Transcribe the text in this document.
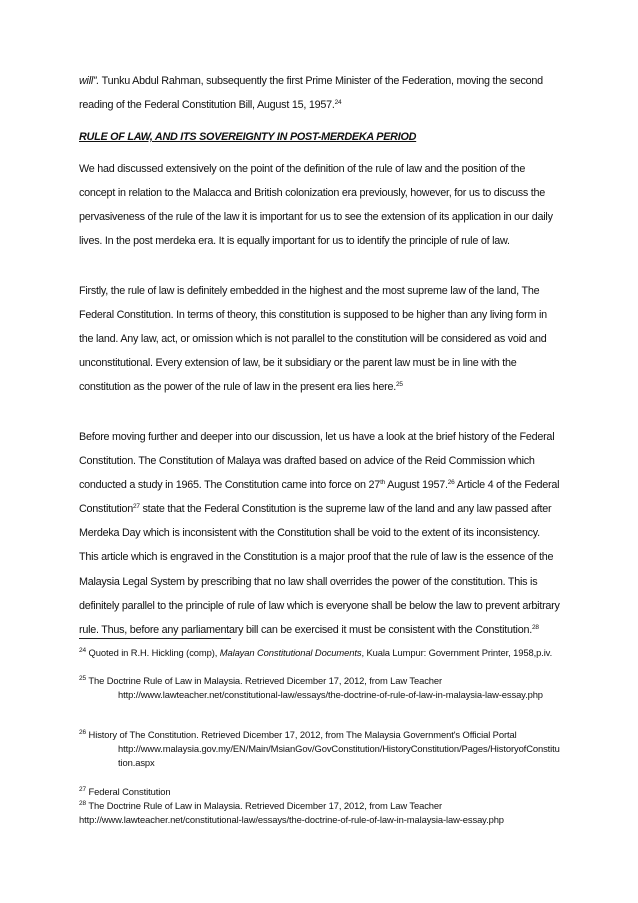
will”. Tunku Abdul Rahman, subsequently the first Prime Minister of the Federation, moving the second reading of the Federal Constitution Bill, August 15, 1957.24

RULE OF LAW, AND ITS SOVEREIGNTY IN POST-MERDEKA PERIOD

We had discussed extensively on the point of the definition of the rule of law and the position of the concept in relation to the Malacca and British colonization era previously, however, for us to discuss the pervasiveness of the rule of the law it is important for us to see the extension of its application in our daily lives. In the post merdeka era. It is equally important for us to identify the principle of rule of law.

Firstly, the rule of law is definitely embedded in the highest and the most supreme law of the land, The Federal Constitution. In terms of theory, this constitution is supposed to be higher than any living form in the land. Any law, act, or omission which is not parallel to the constitution will be considered as void and unconstitutional. Every extension of law, be it subsidiary or the parent law must be in line with the constitution as the power of the rule of law in the present era lies here.$^{25}$

Before moving further and deeper into our discussion, let us have a look at the brief history of the Federal Constitution. The Constitution of Malaya was drafted based on advice of the Reid Commission which conducted a study in 1965. The Constitution came into force on 27th August 1957.26 Article 4 of the Federal Constitution$^{27}$ state that the Federal Constitution is the supreme law of the land and any law passed after Merdeka Day which is inconsistent with the Constitution shall be void to the extent of its inconsistency. This article which is engraved in the Constitution is a major proof that the rule of law is the essence of the Malaysia Legal System by prescribing that no law shall overrides the power of the constitution. This is definitely parallel to the principle of rule of law which is everyone shall be below the law to prevent arbitrary rule. Thus, before any parliamentary bill can be exercised it must be consistent with the Constitution.$^{28}$

$^{24}$ Quoted in R.H. Hickling (comp), Malayan Constitutional Documents, Kuala Lumpur: Government Printer, 1958,p.iv.

$^{25}$ The Doctrine Rule of Law in Malaysia. Retrieved Dicember 17, 2012, from Law Teacher
http://www.lawteacher.net/constitutional-law/essays/the-doctrine-of-rule-of-law-in-malaysia-law-essay.php

$^{26}$ History of The Constitution. Retrieved Dicember 17, 2012, from The Malaysia Government's Official Portal
http://www.malaysia.gov.my/EN/Main/MsianGov/GovConstitution/HistoryConstitution/Pages/HistoryofConstitution.aspx

$^{27}$ Federal Constitution

$^{28}$ The Doctrine Rule of Law in Malaysia. Retrieved Dicember 17, 2012, from Law Teacher
http://www.lawteacher.net/constitutional-law/essays/the-doctrine-of-rule-of-law-in-malaysia-law-essay.php
